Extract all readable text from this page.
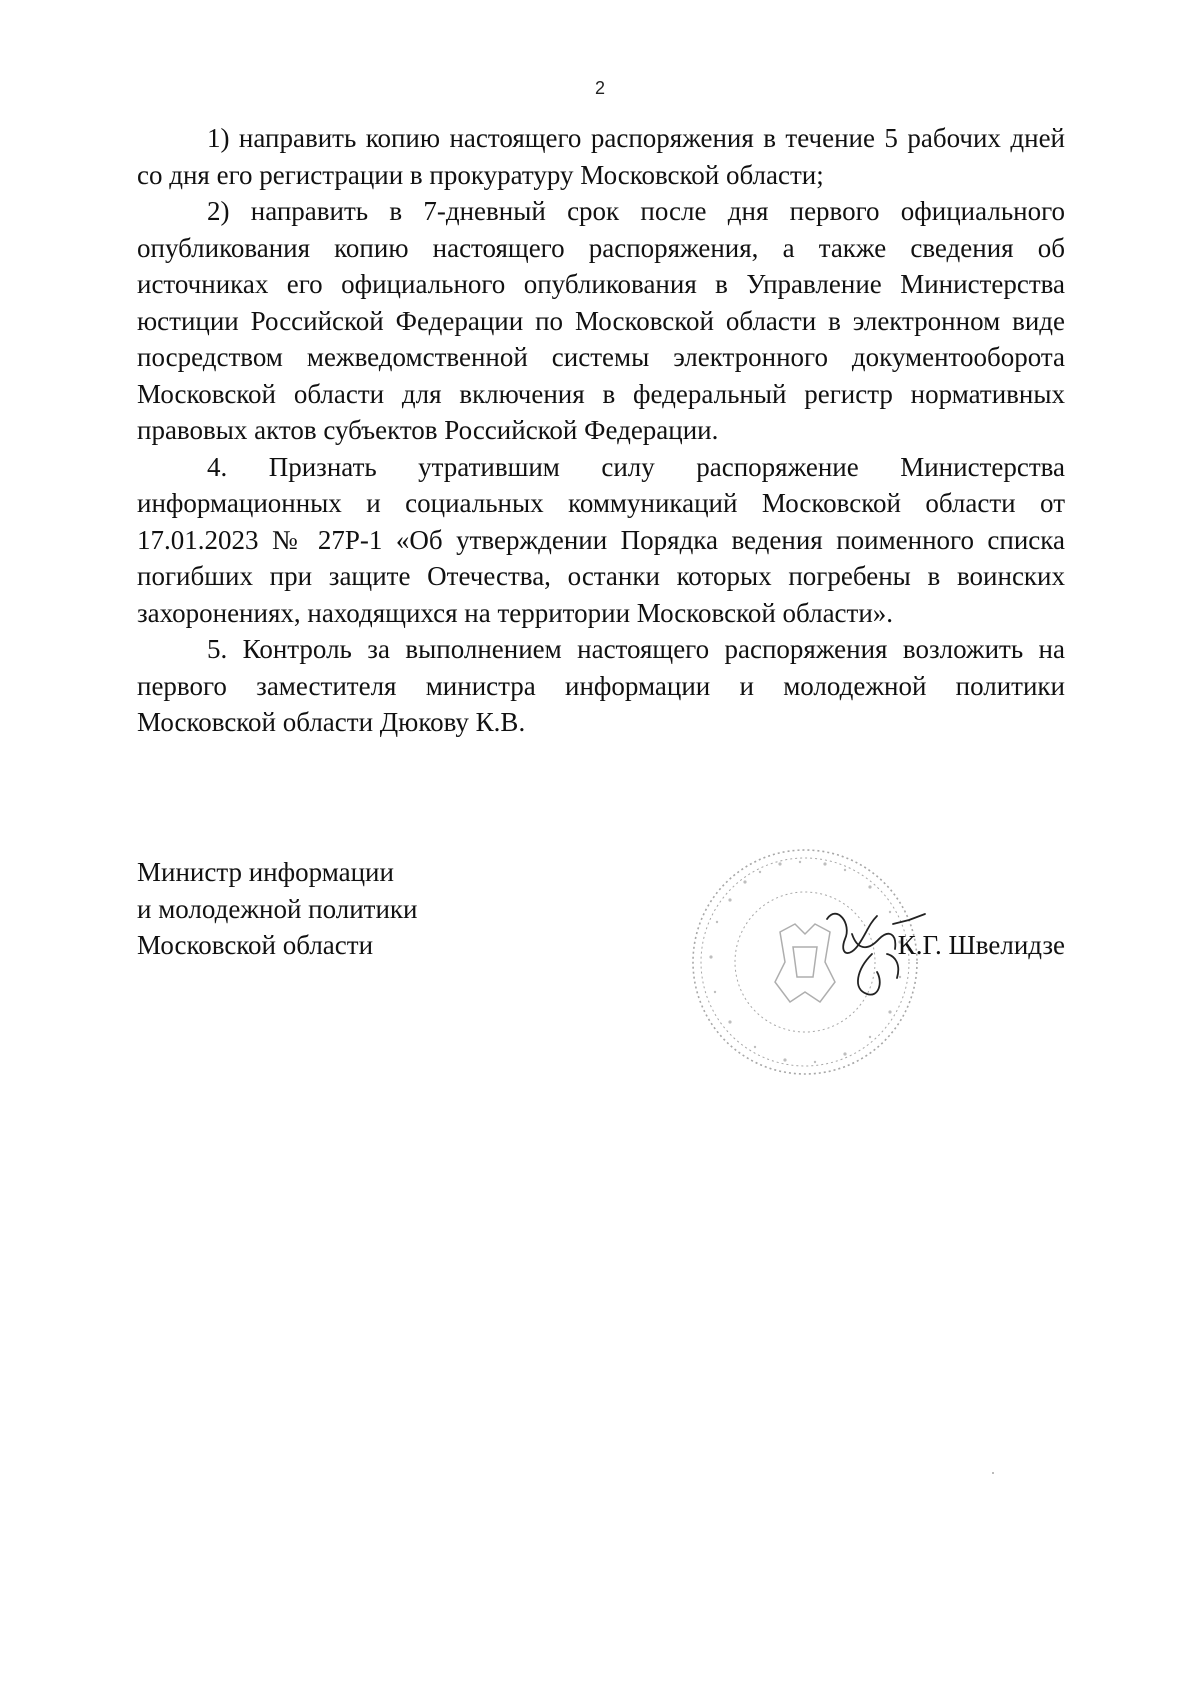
2

1) направить копию настоящего распоряжения в течение 5 рабочих дней со дня его регистрации в прокуратуру Московской области;

2) направить в 7-дневный срок после дня первого официального опубликования копию настоящего распоряжения, а также сведения об источниках его официального опубликования в Управление Министерства юстиции Российской Федерации по Московской области в электронном виде посредством межведомственной системы электронного документооборота Московской области для включения в федеральный регистр нормативных правовых актов субъектов Российской Федерации.

4. Признать утратившим силу распоряжение Министерства информационных и социальных коммуникаций Московской области от 17.01.2023 № 27Р-1 «Об утверждении Порядка ведения поименного списка погибших при защите Отечества, останки которых погребены в воинских захоронениях, находящихся на территории Московской области».

5. Контроль за выполнением настоящего распоряжения возложить на первого заместителя министра информации и молодежной политики Московской области Дюкову К.В.

Министр информации
и молодежной политики
Московской области	К.Г. Швелидзе
